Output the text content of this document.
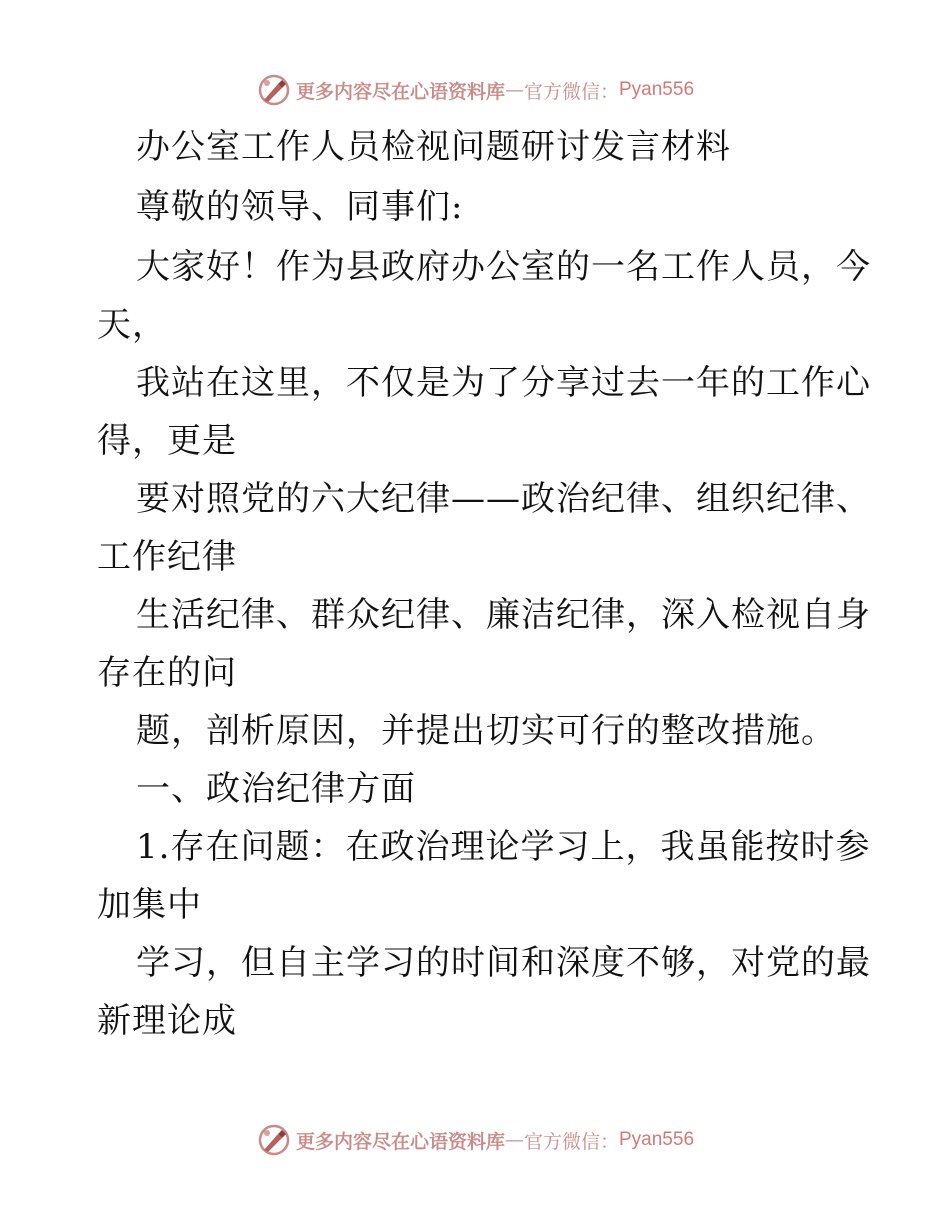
更多内容尽在心语资料库 — 官方微信： Pyan556
办公室工作人员检视问题研讨发言材料
尊敬的领导、同事们:
大家好！作为县政府办公室的一名工作人员，今
天，
我站在这里，不仅是为了分享过去一年的工作心
得，更是
要对照党的六大纪律——政治纪律、组织纪律、
工作纪律
生活纪律、群众纪律、廉洁纪律，深入检视自身
存在的问
题，剖析原因，并提出切实可行的整改措施。
一、政治纪律方面
1.存在问题：在政治理论学习上，我虽能按时参
加集中
学习，但自主学习的时间和深度不够，对党的最
新理论成
更多内容尽在心语资料库 — 官方微信： Pyan556
